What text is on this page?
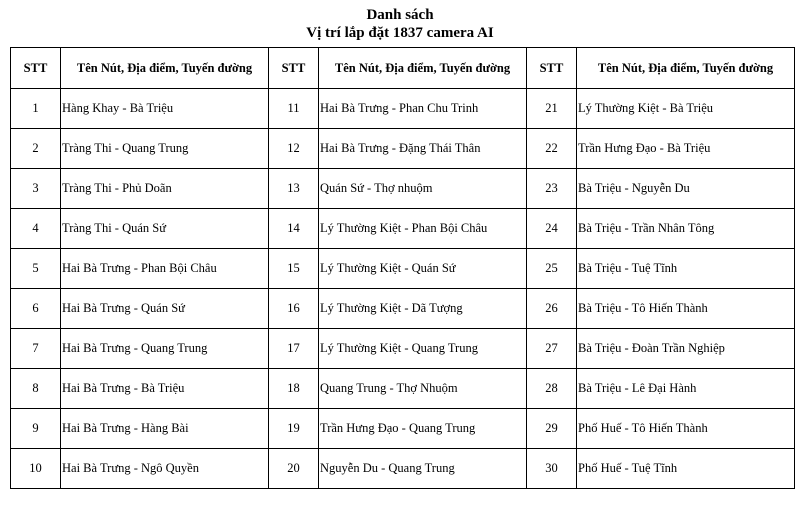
Danh sách
Vị trí lắp đặt 1837 camera AI
STT	Tên Nút, Địa điểm, Tuyến đường	STT	Tên Nút, Địa điểm, Tuyến đường	STT	Tên Nút, Địa điểm, Tuyến đường
1	Hàng Khay - Bà Triệu	11	Hai Bà Trưng - Phan Chu Trinh	21	Lý Thường Kiệt - Bà Triệu
2	Tràng Thi - Quang Trung	12	Hai Bà Trưng - Đặng Thái Thân	22	Trần Hưng Đạo - Bà Triệu
3	Tràng Thi - Phủ Doãn	13	Quán Sứ - Thợ nhuộm	23	Bà Triệu - Nguyễn Du
4	Tràng Thi - Quán Sứ	14	Lý Thường Kiệt - Phan Bội Châu	24	Bà Triệu - Trần Nhân Tông
5	Hai Bà Trưng - Phan Bội Châu	15	Lý Thường Kiệt - Quán Sứ	25	Bà Triệu - Tuệ Tĩnh
6	Hai Bà Trưng - Quán Sứ	16	Lý Thường Kiệt - Dã Tượng	26	Bà Triệu - Tô Hiến Thành
7	Hai Bà Trưng - Quang Trung	17	Lý Thường Kiệt - Quang Trung	27	Bà Triệu - Đoàn Trần Nghiệp
8	Hai Bà Trưng - Bà Triệu	18	Quang Trung - Thợ Nhuộm	28	Bà Triệu - Lê Đại Hành
9	Hai Bà Trưng - Hàng Bài	19	Trần Hưng Đạo - Quang Trung	29	Phố Huế - Tô Hiến Thành
10	Hai Bà Trưng - Ngô Quyền	20	Nguyễn Du - Quang Trung	30	Phố Huế - Tuệ Tĩnh
